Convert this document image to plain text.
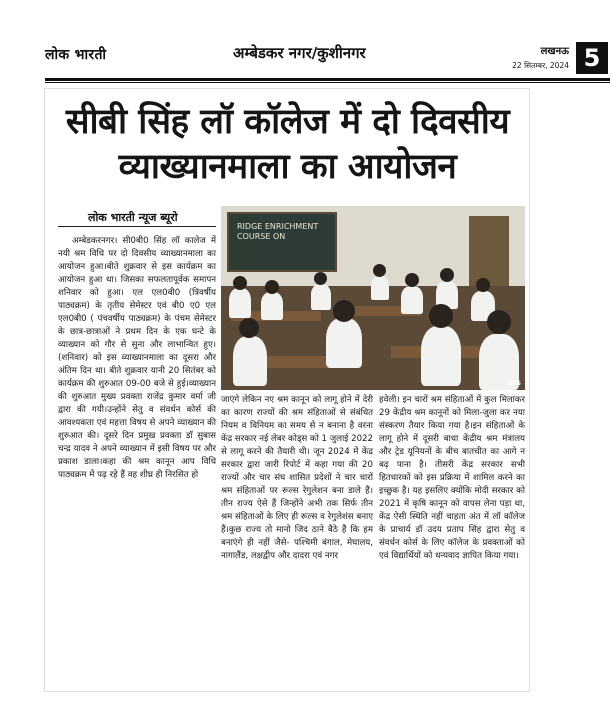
लोक भारती	अम्बेडकर नगर/कुशीनगर	लखनऊ
22 सितम्बर, 2024 5
सीबी सिंह लॉ कॉलेज में दो दिवसीय
व्याख्यानमाला का आयोजन
लोक भारती न्यूज ब्यूरो
RIDGE ENRICHMENT COURSE ON
GPS

अम्बेडकरनगर। सी0बी0 सिंह लॉ कालेज में नयी श्रम विधि पर दो दिवसीय व्याख्यानमाला का आयोजन हुआ।बीते शुक्रवार से इस कार्यक्रम का आयोजन हुआ था। जिसका सफलतापूर्वक समापन शनिवार को हुआ। एल एल0बी0 (त्रिवर्षीय पाठ्यक्रम) के तृतीय सेमेस्टर एवं बी0 ए0 एल एल0बी0 ( पंचवर्षीय पाठ्यक्रम) के पंचम सेमेस्टर के छात्र-छात्राओं ने प्रथम दिन के एक घन्टे के व्याख्यान को गौर से सुना और लाभान्वित हुए। (शनिवार) को इस व्याख्यानमाला का दूसरा और अंतिम दिन था। बीते शुक्रवार यानी 20 सितंबर को कार्यक्रम की शुरुआत 09-00 बजे से हुई।व्याख्यान की शुरुआत मुख्य प्रवक्ता राजेंद्र कुमार वर्मा जी द्वारा की गयी।उन्होंने सेतु व संवर्धन कोर्स की आवश्यकता एवं महत्ता विषय से अपने व्याख्यान की शुरुआत की। दूसरे दिन प्रमुख प्रवक्ता डॉ सुबास चन्द्र यादव ने अपने व्याख्यान में इसी विषय पर और प्रकाश डाला।कहा की श्रम कानून आप विधि पाठ्यक्रम में पढ़ रहे हैं वह शीघ्र ही निरसित हो

जाएंगे लेकिन नए श्रम कानून को लागू होने में देरी का कारण राज्यों की श्रम संहिताओं से संबंधित नियम व विनियम का समय से न बनाना है वरना केंद्र सरकार नई लेबर कोड्स को 1 जुलाई 2022 से लागू करने की तैयारी थी। जून 2024 में केंद्र सरकार द्वारा जारी रिपोर्ट में कहा गया की 20 राज्यों और चार संघ शासित प्रदेशों ने चार चारों श्रम संहिताओं पर रूल्स रेगुलेशन बना डाले हैं।तीन राज्य ऐसे हैं जिन्होंने अभी तक सिर्फ तीन श्रम संहिताओं के लिए ही रूल्स व रेगुलेशंस बनाए हैं।कुछ राज्य तो मानो जिद ठाने बैठे हैं कि हम बनाएंगे ही नहीं जैसे- पश्चिमी बंगाल, मेघालय, नागालैंड, लक्षद्वीप और दादरा एवं नगर

हवेली। इन चारों श्रम संहिताओं में कुल मिलाकर 29 केंद्रीय श्रम कानूनों को मिला-जुला कर नया संस्करण तैयार किया गया है।इन संहिताओं के लागू होने में दूसरी बाधा केंद्रीय श्रम मंत्रालय और ट्रेड यूनियनों के बीच बातचीत का आगे न बढ़ पाना है। तीसरी केंद्र सरकार सभी हितधारकों को इस प्रक्रिया में शामिल करने का इच्छुक है। यह इसलिए क्योंकि मोदी सरकार को 2021 में कृषि कानून को वापस लेना पड़ा था, केंद्र ऐसी स्थिति नहीं चाहता अंत में लॉ कॉलेज के प्राचार्य डॉ उदय प्रताप सिंह द्वारा सेतु व संवर्धन कोर्स के लिए कॉलेज के प्रवक्ताओं को एवं विद्यार्थियों को धन्यवाद ज्ञापित किया गया।
